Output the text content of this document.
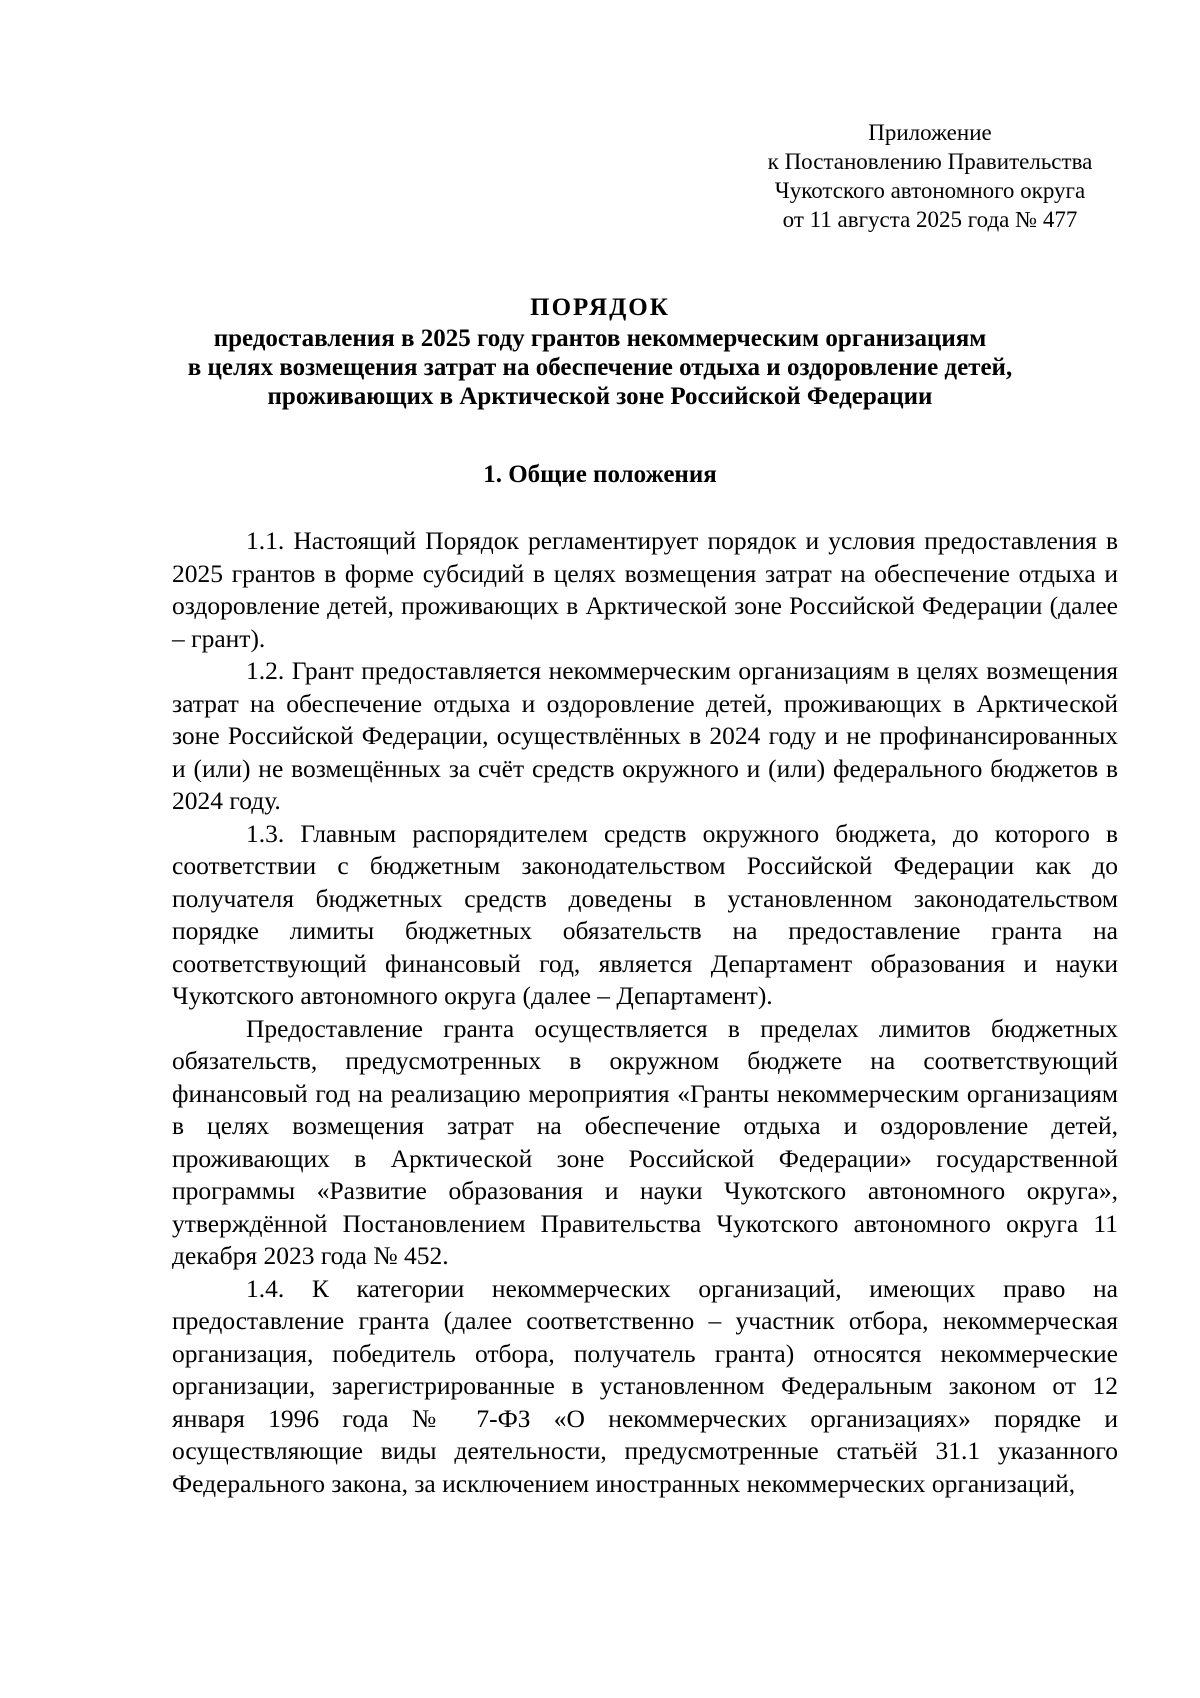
Приложение
к Постановлению Правительства
Чукотского автономного округа
от 11 августа 2025 года № 477
ПОРЯДОК
предоставления в 2025 году грантов некоммерческим организациям
в целях возмещения затрат на обеспечение отдыха и оздоровление детей,
проживающих в Арктической зоне Российской Федерации
1. Общие положения

1.1. Настоящий Порядок регламентирует порядок и условия предоставления в 2025 грантов в форме субсидий в целях возмещения затрат на обеспечение отдыха и оздоровление детей, проживающих в Арктической зоне Российской Федерации (далее – грант).

1.2. Грант предоставляется некоммерческим организациям в целях возмещения затрат на обеспечение отдыха и оздоровление детей, проживающих в Арктической зоне Российской Федерации, осуществлённых в 2024 году и не профинансированных и (или) не возмещённых за счёт средств окружного и (или) федерального бюджетов в 2024 году.

1.3. Главным распорядителем средств окружного бюджета, до которого в соответствии с бюджетным законодательством Российской Федерации как до получателя бюджетных средств доведены в установленном законодательством порядке лимиты бюджетных обязательств на предоставление гранта на соответствующий финансовый год, является Департамент образования и науки Чукотского автономного округа (далее – Департамент).

Предоставление гранта осуществляется в пределах лимитов бюджетных обязательств, предусмотренных в окружном бюджете на соответствующий финансовый год на реализацию мероприятия «Гранты некоммерческим организациям в целях возмещения затрат на обеспечение отдыха и оздоровление детей, проживающих в Арктической зоне Российской Федерации» государственной программы «Развитие образования и науки Чукотского автономного округа», утверждённой Постановлением Правительства Чукотского автономного округа 11 декабря 2023 года № 452.

1.4. К категории некоммерческих организаций, имеющих право на предоставление гранта (далее соответственно – участник отбора, некоммерческая организация, победитель отбора, получатель гранта) относятся некоммерческие организации, зарегистрированные в установленном Федеральным законом от 12 января 1996 года № 7-ФЗ «О некоммерческих организациях» порядке и осуществляющие виды деятельности, предусмотренные статьёй 31.1 указанного Федерального закона, за исключением иностранных некоммерческих организаций,
